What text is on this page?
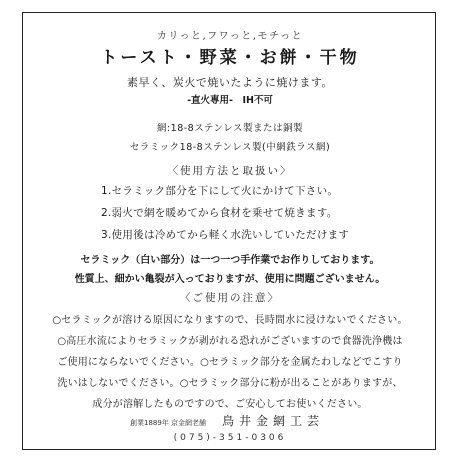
カリっと,フワっと,モチっと
トースト・野菜・お餅・干物
素早く、炭火で焼いたように焼けます。
-直火専用-　IH不可
網:18-8ステンレス製または銅製
セラミック18-8ステンレス製(中網鉄ラス網)
〈使用方法と取扱い〉
1.セラミック部分を下にして火にかけて下さい。
2.弱火で網を暖めてから食材を乗せて焼きます。
3.使用後は冷めてから軽く水洗いしていただけます
セラミック（白い部分）は一つ一つ手作業でお作りしております。
性質上、細かい亀裂が入っておりますが、使用に問題ございません。
〈ご使用の注意〉
○セラミックが溶ける原因になりますので、長時間水に浸けないでください。
○高圧水流によりセラミックが剥がれる恐れがございますので食器洗浄機は
ご使用にならないでください。○セラミック部分を金属たわしなどでこすり
洗いはしないでください。○セラミック部分に粉が出ることがありますが、
成分が溶解したものですので、ご安心してお使いください。
創業1889年 京金網老舗 鳥井金網工芸
(075)-351-0306
